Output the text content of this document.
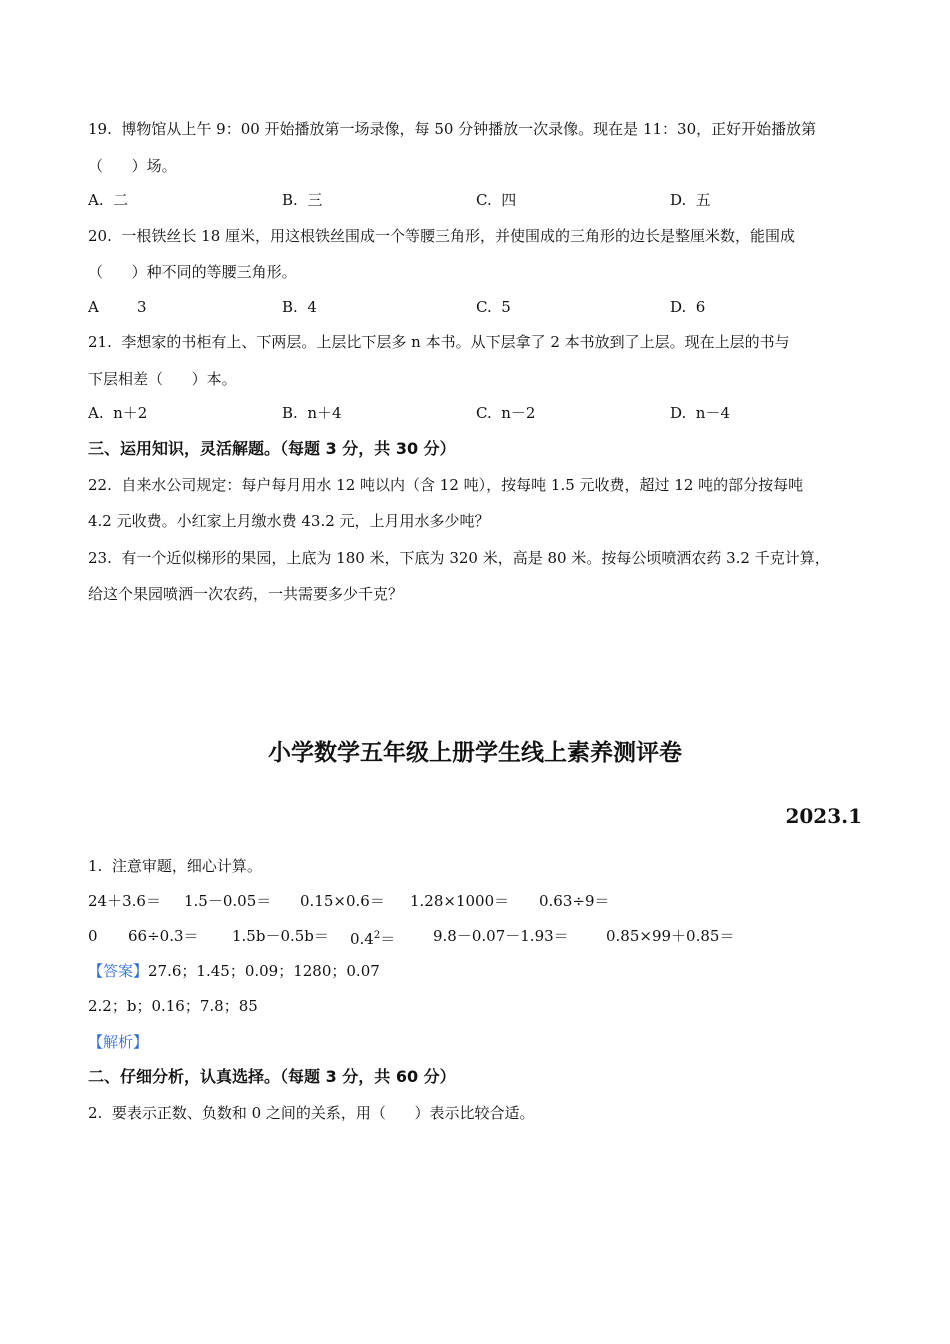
19.  博物馆从上午 9：00 开始播放第一场录像，每 50 分钟播放一次录像。现在是 11：30，正好开始播放第
（      ）场。
A.  二	B.  三	C.  四	D.  五
20.  一根铁丝长 18 厘米，用这根铁丝围成一个等腰三角形，并使围成的三角形的边长是整厘米数，能围成
（      ）种不同的等腰三角形。
A        3	B.  4	C.  5	D.  6
21.  李想家的书柜有上、下两层。上层比下层多 n 本书。从下层拿了 2 本书放到了上层。现在上层的书与
下层相差（      ）本。
A.  n＋2	B.  n＋4	C.  n－2	D.  n－4
三、运用知识，灵活解题。（每题 3 分，共 30 分）
22.  自来水公司规定：每户每月用水 12 吨以内（含 12 吨），按每吨 1.5 元收费，超过 12 吨的部分按每吨
4.2 元收费。小红家上月缴水费 43.2 元，上月用水多少吨？
23.  有一个近似梯形的果园，上底为 180 米，下底为 320 米，高是 80 米。按每公顷喷洒农药 3.2 千克计算，
给这个果园喷洒一次农药，一共需要多少千克？
小学数学五年级上册学生线上素养测评卷
2023.1
1.  注意审题，细心计算。
24＋3.6＝ 1.5－0.05＝ 0.15×0.6＝ 1.28×1000＝ 0.63÷9＝
0 $66\div 0.3= 1.5b-0.5b= 0.4^2=$	9.8－0.07－1.93＝ 0.85×99＋0.85＝
【答案】27.6；1.45；0.09；1280；0.07
2.2；b；0.16；7.8；85
【解析】
二、仔细分析，认真选择。（每题 3 分，共 60 分）
2.  要表示正数、负数和 0 之间的关系，用（      ）表示比较合适。
